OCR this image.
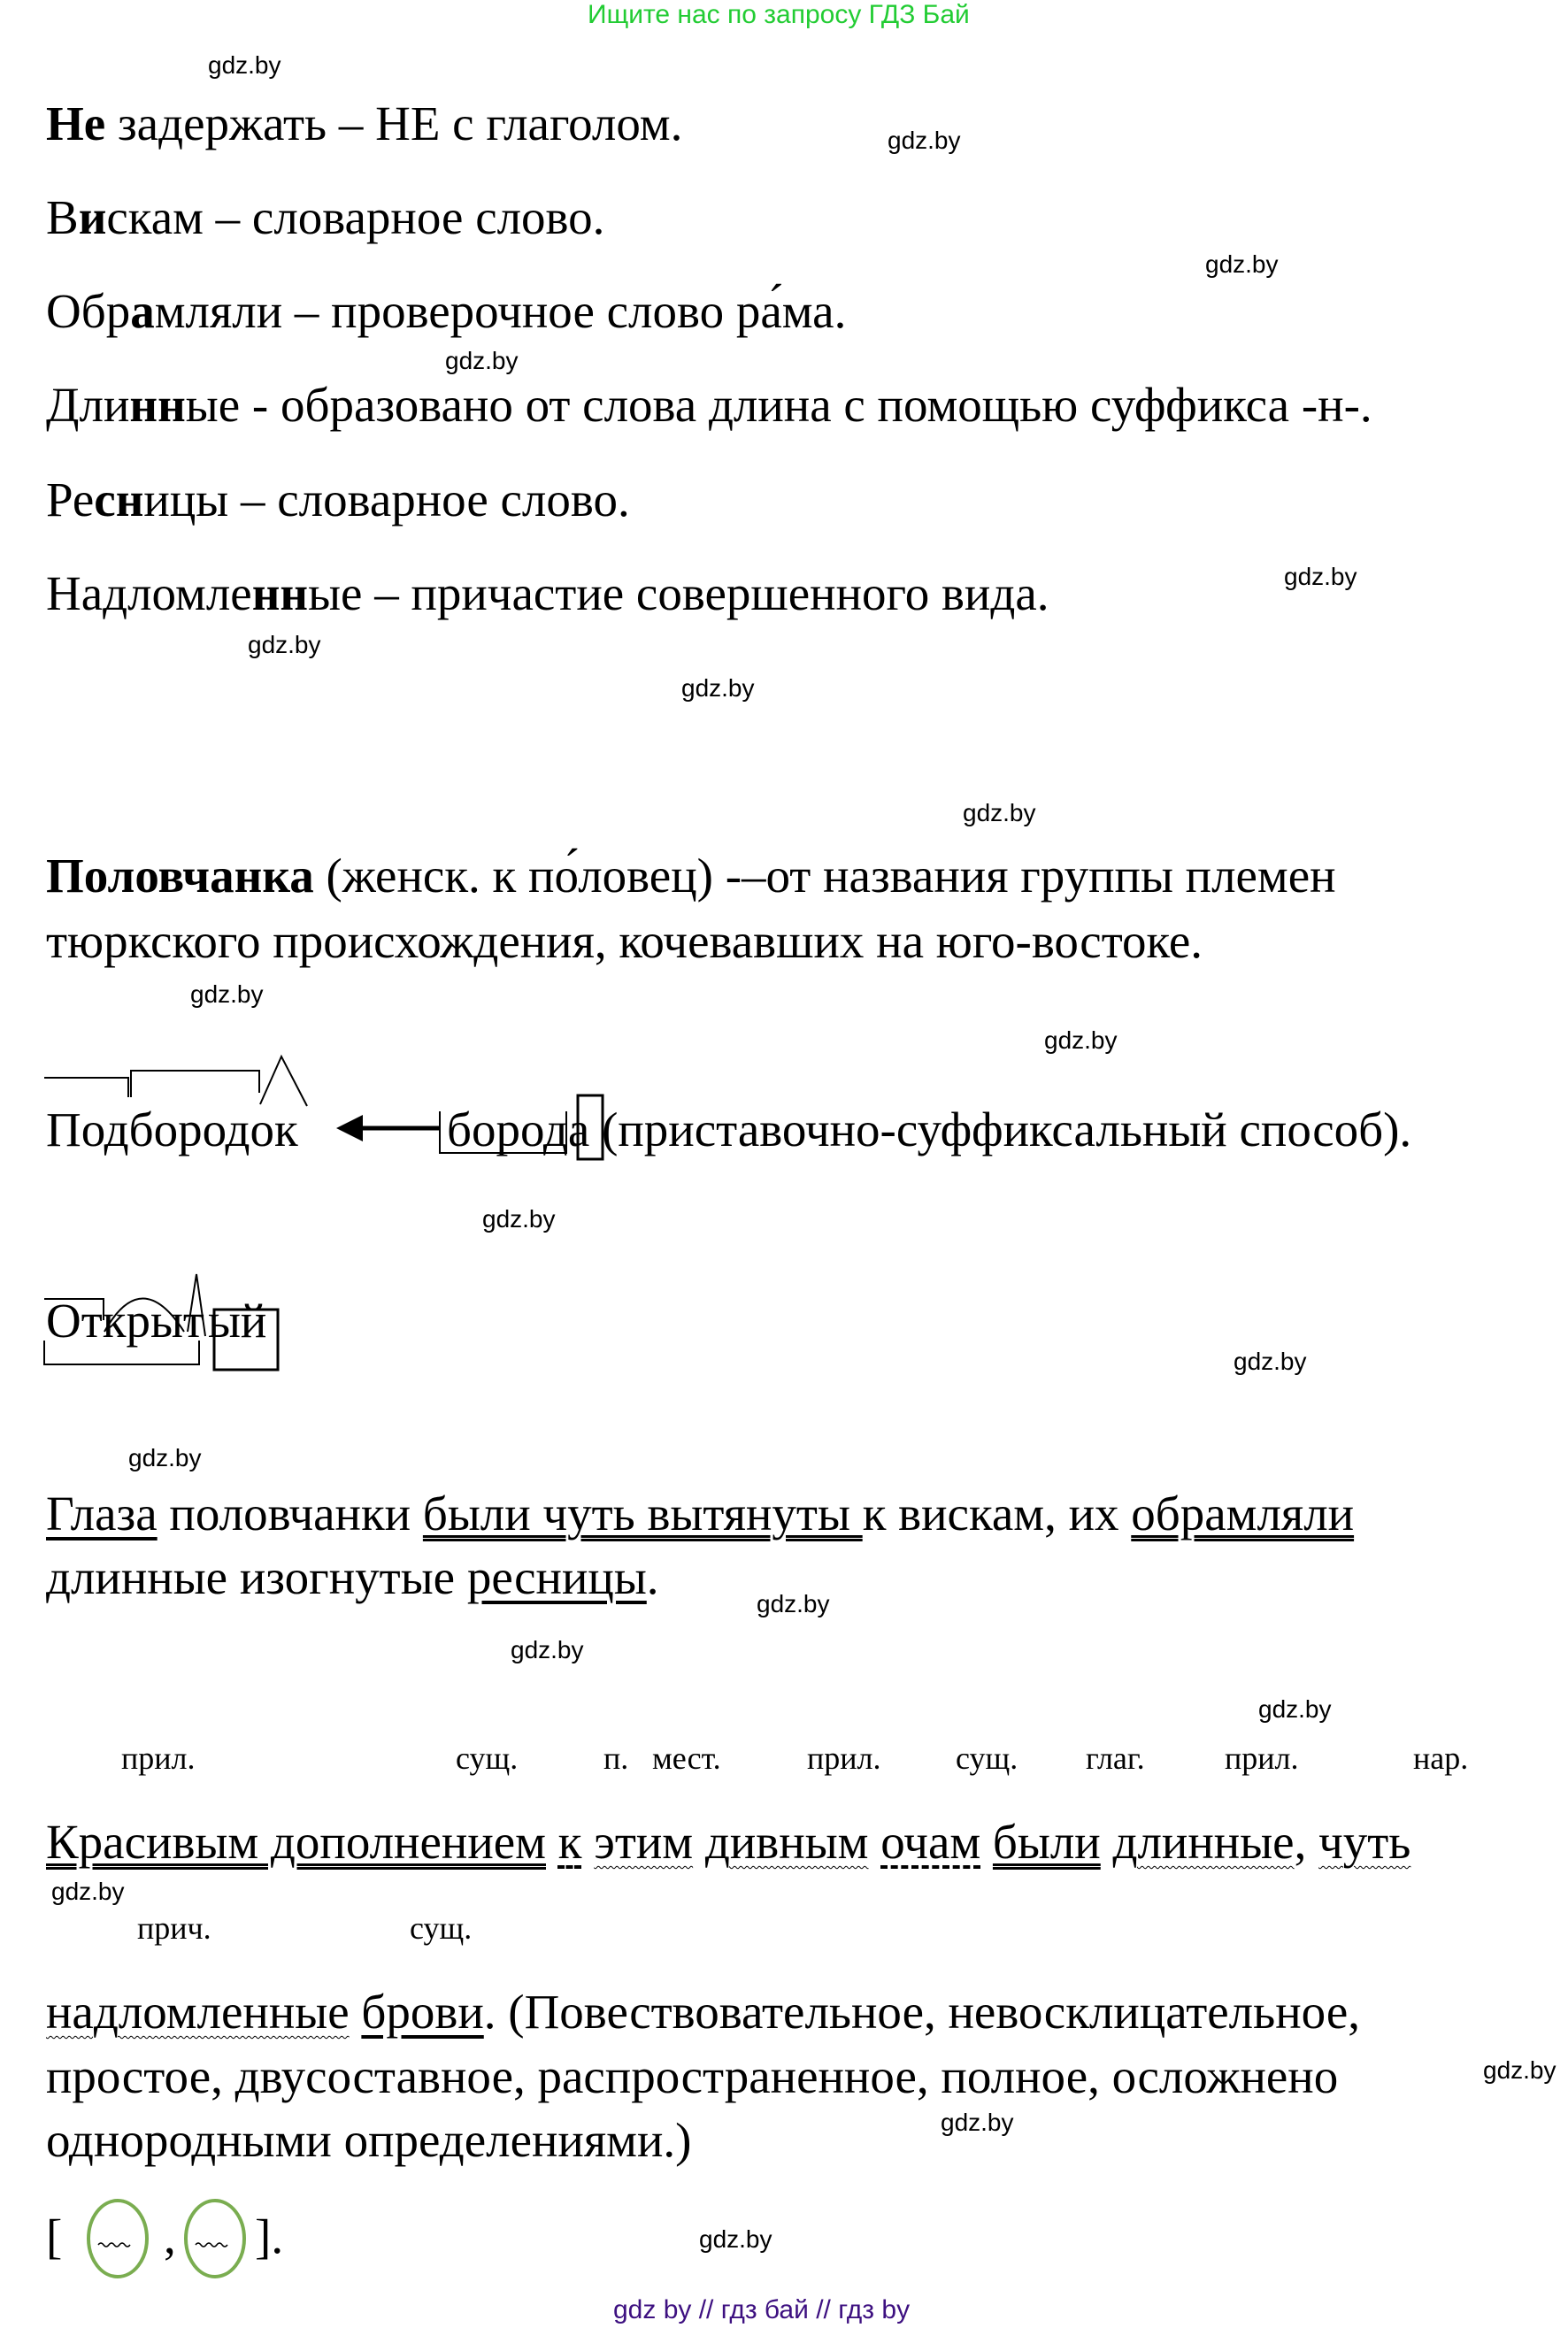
Ищите нас по запросу ГДЗ Бай
gdz.by
gdz.by
gdz.by
gdz.by
gdz.by
gdz.by
gdz.by
gdz.by
gdz.by
gdz.by
gdz.by
gdz.by
gdz.by
gdz.by
gdz.by
gdz.by
gdz.by
gdz.by
gdz.by
gdz.by
Не задержать – НЕ с глаголом.
Вискам – словарное слово.
Обрамляли – проверочное слово ра́ма.
Длинные - образовано от слова длина с помощью суффикса -н-.
Ресницы – словарное слово.
Надломленные – причастие совершенного вида.
Половчанка (женск. к по́ловец) -–от названия группы племен
тюркского происхождения, кочевавших на юго-востоке.
Подбородок	борода (приставочно-суффиксальный способ).
Открытый
Глаза половчанки были чуть вытянуты к вискам, их обрамляли
длинные изогнутые ресницы.
прил.	сущ.	п. мест.	прил. сущ. глаг.	прил.	нар.
Красивым дополнением к этим дивным очам были длинные, чуть
прич.	сущ.
надломленные брови. (Повествовательное, невосклицательное,
простое, двусоставное, распространенное, полное, осложнено
однородными определениями.)
[ , ].
gdz by // гдз бай // гдз by
